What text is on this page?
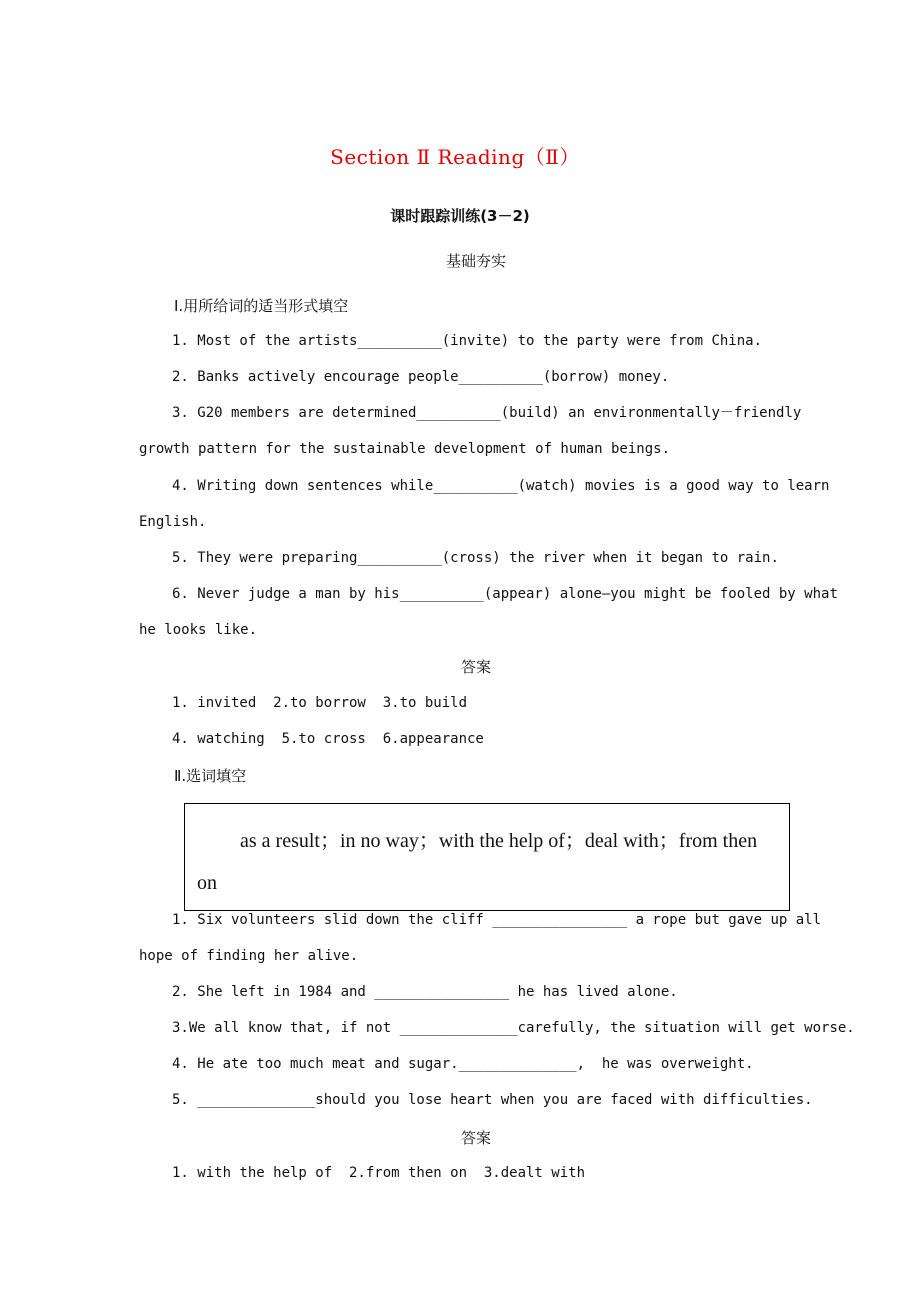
Section Ⅱ Reading（Ⅱ）
课时跟踪训练(3－2)
基础夯实
Ⅰ.用所给词的适当形式填空
1. Most of the artists__________(invite) to the party were from China.
2. Banks actively encourage people__________(borrow) money.
3. G20 members are determined__________(build) an environmentally－friendly
growth pattern for the sustainable development of human beings.
4. Writing down sentences while__________(watch) movies is a good way to learn
English.
5. They were preparing__________(cross) the river when it began to rain.
6. Never judge a man by his__________(appear) alone—you might be fooled by what
he looks like.
答案
1. invited  2.to borrow  3.to build
4. watching  5.to cross  6.appearance
Ⅱ.选词填空
as a result；in no way；with the help of；deal with；from then
on
1. Six volunteers slid down the cliff ________________ a rope but gave up all
hope of finding her alive.
2. She left in 1984 and ________________ he has lived alone.
3.We all know that, if not ______________carefully, the situation will get worse.
4. He ate too much meat and sugar.______________,  he was overweight.
5. ______________should you lose heart when you are faced with difficulties.
答案
1. with the help of  2.from then on  3.dealt with
